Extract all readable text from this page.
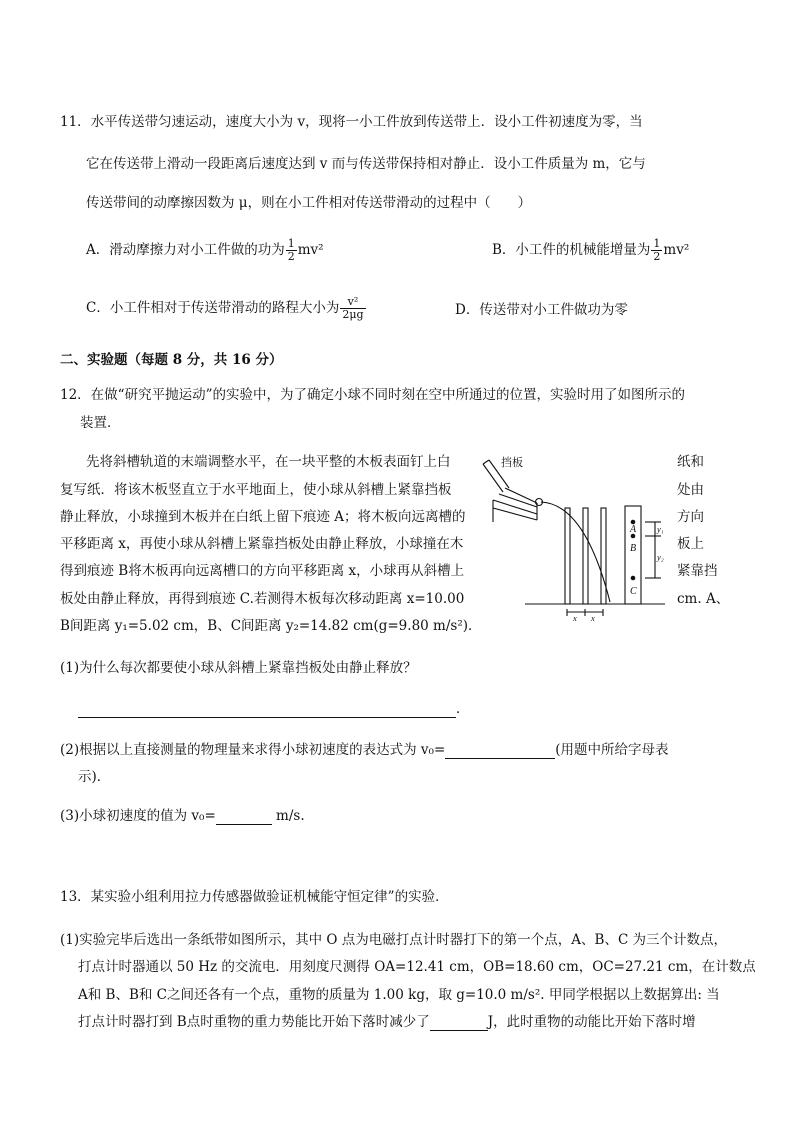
11．水平传送带匀速运动，速度大小为 v，现将一小工件放到传送带上．设小工件初速度为零，当
它在传送带上滑动一段距离后速度达到 v 而与传送带保持相对静止．设小工件质量为 m，它与
传送带间的动摩擦因数为 μ，则在小工件相对传送带滑动的过程中（　　）
A．滑动摩擦力对小工件做的功为 $\frac{1}{2} mv^2$	B．小工件的机械能增量为 $\frac{1}{2} mv^2$
C．小工件相对于传送带滑动的路程大小为 $\frac{\text{v²}}{2\mu g}$	D．传送带对小工件做功为零
二、实验题（每题 8 分，共 16 分）
12．在做“研究平抛运动”的实验中，为了确定小球不同时刻在空中所通过的位置，实验时用了如图所示的
装置．
先将斜槽轨道的末端调整水平，在一块平整的木板表面钉上白
复写纸．将该木板竖直立于水平地面上，使小球从斜槽上紧靠挡板
静止释放，小球撞到木板并在白纸上留下痕迹 A；将木板向远离槽的
平移距离 x，再使小球从斜槽上紧靠挡板处由静止释放，小球撞在木
得到痕迹 B将木板再向远离槽口的方向平移距离 x，小球再从斜槽上
板处由静止释放，再得到痕迹 C.若测得木板每次移动距离 x=10.00
B间距离 y₁=5.02 cm，B、C间距离 y₂=14.82 cm(g=9.80 m/s²)．
纸和
处由
方向
板上
紧靠挡
cm. A、
挡板
A
B
C
y₁
y₂
x x
(1)为什么每次都要使小球从斜槽上紧靠挡板处由静止释放？
．
(2)根据以上直接测量的物理量来求得小球初速度的表达式为 v₀=	(用题中所给字母表
示)．
(3)小球初速度的值为 v₀=	m/s.
13．某实验小组利用拉力传感器做验证机械能守恒定律”的实验．
(1)实验完毕后选出一条纸带如图所示，其中 O 点为电磁打点计时器打下的第一个点，A、B、C 为三个计数点，
打点计时器通以 50 Hz 的交流电．用刻度尺测得 OA=12.41 cm，OB=18.60 cm，OC=27.21 cm，在计数点
A和 B、B和 C之间还各有一个点，重物的质量为 1.00 kg，取 g=10.0 m/s². 甲同学根据以上数据算出: 当
打点计时器打到 B点时重物的重力势能比开始下落时减少了	J，此时重物的动能比开始下落时增
